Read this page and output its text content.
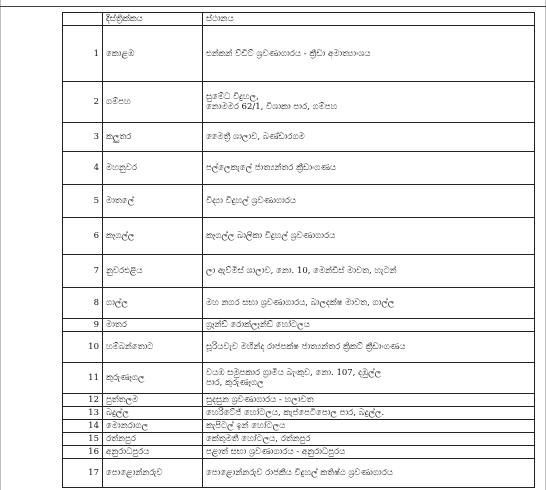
	දිස්ත්‍රික්කය	ස්ථානය
1	කොළඹ	එන්කන් ව්ඩිට් ශ්‍රවණාගාරය - ක්‍රීඩා අමාත්‍යාංශය

2	ගම්පහ	සුමේධ විදුහල,
නොමමර 62/1, විශාකා පාර, ගම්පහ

3	කලුතර	මෛත්‍රී ශාලාව, බණ්ඩාරගම

4	මහනුවර	පල්ලෙකැලේ ජාත්‍යන්තර ක්‍රීඩාංගණය

5	මාතලේ	විද්‍යා විදුහල් ශ්‍රවණාගාරය

6	කෑගල්ල	කෑගල්ල බාලිකා විදුහල් ශ්‍රවණාගාරය

7	නුවරඑළිය	ලා ඇව්මිස් ශාලාව, නො. 10, මෙන්ඩිස් මාවත, හැටන්

8	ගාල්ල	මහ නගර සභා ශ්‍රවණාගාරය, බාලදක්ෂ මාවත, ගාල්ල

9	මාතර	ග්‍රෑන්ඩ් රොක්ලෑන්ඩ් හෝටලය

10	හම්බන්තොට	සූරියවැව මහින්ද රාජපක්ෂ ජාත්‍යන්තර ක්‍රිකට් ක්‍රීඩාංගණය

11	කුරුණෑගල	වයඹ සමුපකාර ග්‍රාමීය බැංකුව, නො. 107, දඹුල්ල
පාර, කුරුණෑගල

12	පුත්තලම	සුදසුන ශ්‍රවණාගාරය - හලාවත

13	බදුල්ල	හෙරිටේජ් හෝටලය, කැප්පෙටිපොල පාර, බදුල්ල.

14	මොනරාගල	කැපිටල් ඉන් හෝටලය

15	රත්නපුර	කේතුමතී හෝටලය, රත්නපුර

16	අනුරාධපුරය	පළාත් සභා ශ්‍රවණාගාරය - අනුරාධපුරය

17	පොළොන්නරුව	පොළොන්නරුව රාජකීය විදුහල් කතිෂ්ඨ ශ්‍රවණාගාරය
